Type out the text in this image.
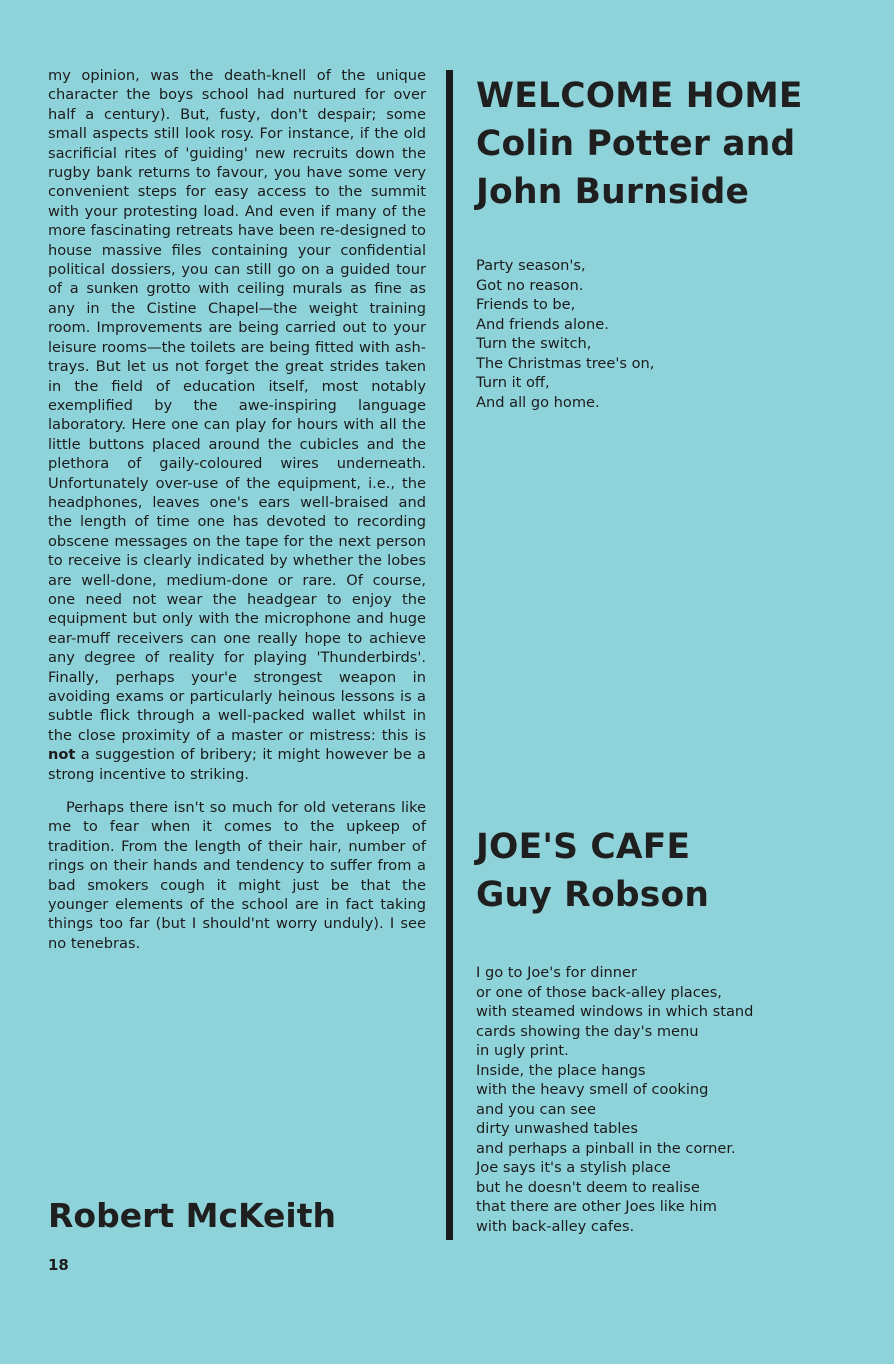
my opinion, was the death-knell of the unique character the boys school had nurtured for over half a century). But, fusty, don't despair; some small aspects still look rosy. For instance, if the old sacrificial rites of 'guiding' new recruits down the rugby bank returns to favour, you have some very convenient steps for easy access to the summit with your protesting load. And even if many of the more fascinating retreats have been re-designed to house massive files containing your confidential political dossiers, you can still go on a guided tour of a sunken grotto with ceiling murals as fine as any in the Cistine Chapel—the weight training room. Improvements are being carried out to your leisure rooms—the toilets are being fitted with ash-trays. But let us not forget the great strides taken in the field of education itself, most notably exemplified by the awe-inspiring language laboratory. Here one can play for hours with all the little buttons placed around the cubicles and the plethora of gaily-coloured wires underneath. Unfortunately over-use of the equipment, i.e., the headphones, leaves one's ears well-braised and the length of time one has devoted to recording obscene messages on the tape for the next person to receive is clearly indicated by whether the lobes are well-done, medium-done or rare. Of course, one need not wear the headgear to enjoy the equipment but only with the microphone and huge ear-muff receivers can one really hope to achieve any degree of reality for playing 'Thunderbirds'. Finally, perhaps your'e strongest weapon in avoiding exams or particularly heinous lessons is a subtle flick through a well-packed wallet whilst in the close proximity of a master or mistress: this is not a suggestion of bribery; it might however be a strong incentive to striking.

Perhaps there isn't so much for old veterans like me to fear when it comes to the upkeep of tradition. From the length of their hair, number of rings on their hands and tendency to suffer from a bad smokers cough it might just be that the younger elements of the school are in fact taking things too far (but I should'nt worry unduly). I see no tenebras.

Robert McKeith
18
WELCOME HOME
Colin Potter and
John Burnside
Party season's,
Got no reason.
Friends to be,
And friends alone.
Turn the switch,
The Christmas tree's on,
Turn it off,
And all go home.
JOE'S CAFE
Guy Robson
I go to Joe's for dinner
or one of those back-alley places,
with steamed windows in which stand
cards showing the day's menu
in ugly print.
Inside, the place hangs
with the heavy smell of cooking
and you can see
dirty unwashed tables
and perhaps a pinball in the corner.
Joe says it's a stylish place
but he doesn't deem to realise
that there are other Joes like him
with back-alley cafes.
